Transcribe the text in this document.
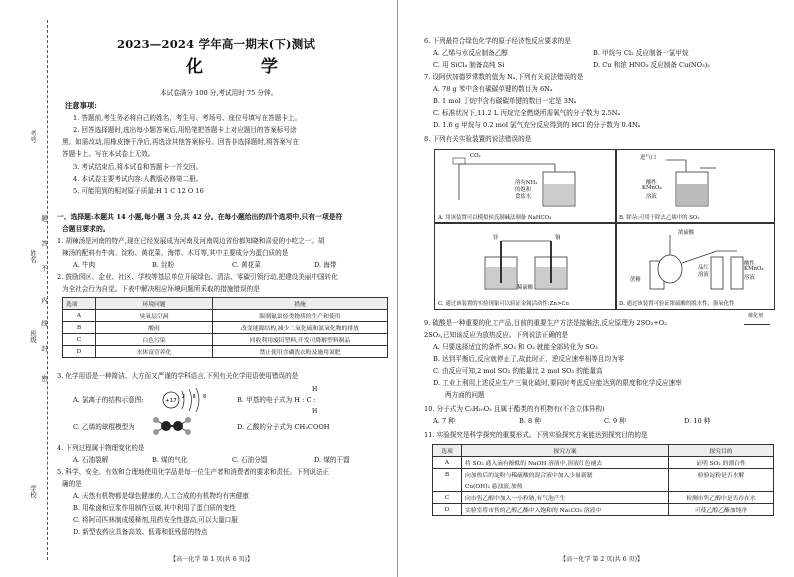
考号
题
姓名
不
答
内
线
封
班级
密
学校
2023—2024 学年高一期末(下)测试
化 学
本试卷满分 100 分,考试用时 75 分钟。
注意事项:
1. 答题前,考生务必将自己的姓名、考生号、考场号、座位号填写在答题卡上。
2. 回答选择题时,选出每小题答案后,用铅笔把答题卡上对应题目的答案标号涂
黑。如需改动,用橡皮擦干净后,再选涂其他答案标号。回答非选择题时,将答案写在
答题卡上。写在本试卷上无效。
3. 考试结束后,将本试卷和答题卡一并交回。
4. 本试卷主要考试内容:人教版必修第二册。
5. 可能用到的相对原子质量:H 1 C 12 O 16
一、选择题:本题共 14 小题,每小题 3 分,共 42 分。在每小题给出的四个选项中,只有一项是符
合题目要求的。
1. 胡辣汤是河南的特产,现在已经发展成为河南及河南周边省份都知晓和喜爱的小吃之一。胡
辣汤的配料有牛肉、淀粉、黄花菜、海带、木耳等,其中主要成分为蛋白质的是
A. 牛肉	B. 淀粉	C. 黄花菜	D. 海带
2. 鼓励园区、企业、社区、学校等基层单位开展绿色、清洁、零碳引领行动,把建设美丽中国转化
为全社会行为自觉。下表中解决相应环境问题所采取的措施错误的是
选项	环境问题	措施
A	臭氧层空洞	限制氟氯烃类物质的生产和使用
B	酸雨	改变能源结构,减少二氧化硫和氮氧化物的排放
C	白色污染	回收利用废旧塑料,开发可降解塑料制品
D	水体富营养化	禁止使用含磷洗衣粉及施用氮肥
3. 化学用语是一种简洁、大方而又严谨的学科语言,下列有关化学用语使用错误的是
A. 氯离子的结构示意图:	+17
2 8 8	B. 甲基的电子式为 H : C :
H
H
C. 乙烯的球棍模型为	D. 乙酸的分子式为 CH₃COOH
4. 下列过程属于物理变化的是
A. 石油裂解	B. 煤的气化	C. 石油分馏	D. 煤的干馏
5. 科学、安全、有效和合理地使用化学品是每一位生产者和消费者的要求和责任。下列说法正
确的是
A. 天然有机物都是绿色健康的,人工合成的有机物均有害健康
B. 用盐卤和豆浆作用制作豆腐,其中利用了蛋白质的变性
C. 将阿司匹林制成缓释剂,用药安全性提高,可以大量口服
D. 新型农药应具备高效、低毒和低残留的特点
【高一化学 第 1 页(共 6 页)】
6. 下列最符合绿色化学的原子经济性反应要求的是
A. 乙烯与水反应制备乙醇	B. 甲烷与 Cl₂ 反应制备一氯甲烷
C. 用 SiCl₄ 制备高纯 Si	D. Cu 和浓 HNO₃ 反应制备 Cu(NO₃)₂
7. 设阿伏加德罗常数的值为 Nₐ,下列有关说法错误的是
A. 78 g 苯中含有碳碳单键的数目为 6Nₐ
B. 1 mol 丁烷中含有碳碳单键的数目一定是 3Nₐ
C. 标准状况下,11.2 L 丙烷完全燃烧所需氧气的分子数为 2.5Nₐ
D. 1.6 g 甲烷与 0.2 mol 氯气充分反应得到的 HCl 的分子数为 0.4Nₐ
8. 下列有关实验装置的说法错误的是
CO₂
溶有NH₃
的饱和
食盐水
A. 用该装置可以模拟侯氏制碱法制备 NaHCO₃
进气口
酸性
KMnO₄
溶液
B. 除杂:可用于除去乙烯中的 SO₂
锌	铜
稀硫酸
C. 通过该装置的实验现象可以验证金属活动性:Zn>Cu
浓硫酸
蔗糖
品红
溶液
酸性
KMnO₄
溶液
D. 通过该装置可验证浓硫酸的脱水性、强氧化性
9. 硫酸是一种重要的化工产品,目前的重要生产方法是接触法,反应原理为 2SO₂+O₂
催化剂
2SO₃,已知该反应为放热反应。下列说法正确的是
A. 只要选择适宜的条件,SO₂ 和 O₂ 就能全部转化为 SO₃
B. 达到平衡后,反应就停止了,故此时正、逆反应速率相等且均为零
C. 由反应可知,2 mol SO₂ 的能量比 2 mol SO₃ 的能量高
D. 工业上利用上述反应生产三氧化硫时,要同时考虑反应能达到的限度和化学反应速率
两方面的问题
10. 分子式为 C₅H₁₀O₂ 且属于酯类的有机物有(不含立体异构)
A. 7 种	B. 8 种	C. 9 种	D. 10 种
11. 实验探究是科学探究的重要形式。下列实验探究方案能达到探究目的的是
选项	探究方案	探究目的
A	将 SO₂ 通入滴有酚酞的 NaOH 溶液中,溶液红色褪去	证明 SO₂ 的漂白性
B	向加热后的淀粉与稀硫酸的混合液中加入少量新制	检验淀粉是否水解
	Cu(OH)₂ 悬浊液,加热	
C	向市售乙醇中加入一小粒钠,有气泡产生	检测市售乙醇中是否存在水
D	实验室将市售的乙醇乙酯中入饱和的 Na₂CO₃ 溶液中	可使乙醇乙酯加纯净
【高一化学 第 2 页(共 6 页)】
